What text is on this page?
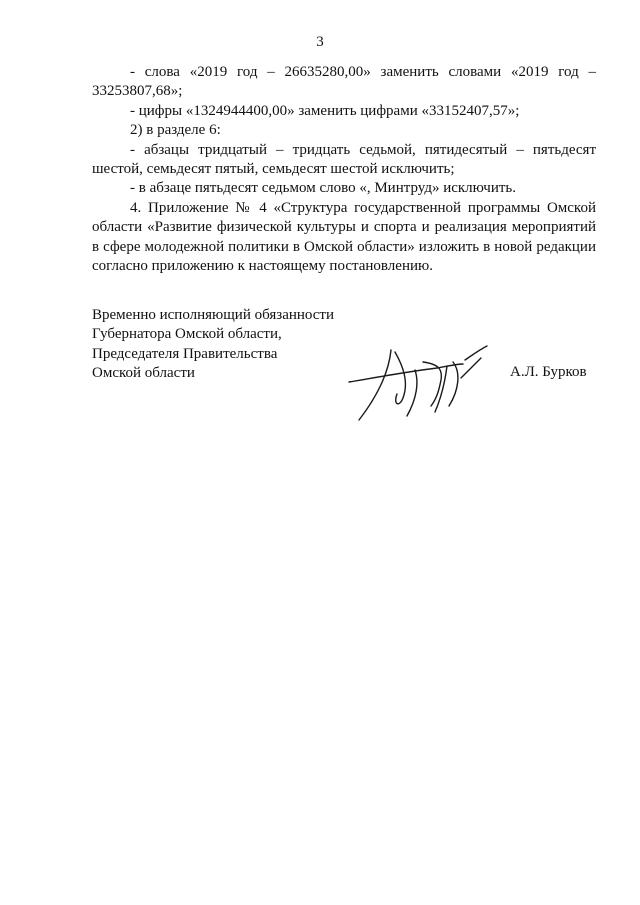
3

- слова «2019 год – 26635280,00» заменить словами «2019 год – 33253807,68»;

- цифры «1324944400,00» заменить цифрами «33152407,57»;

2) в разделе 6:

- абзацы тридцатый – тридцать седьмой, пятидесятый – пятьдесят шестой, семьдесят пятый, семьдесят шестой исключить;

- в абзаце пятьдесят седьмом слово «, Минтруд» исключить.

4. Приложение № 4 «Структура государственной программы Омской области «Развитие физической культуры и спорта и реализация мероприятий в сфере молодежной политики в Омской области» изложить в новой редакции согласно приложению к настоящему постановлению.

Временно исполняющий обязанности
Губернатора Омской области,
Председателя Правительства
Омской области	А.Л. Бурков
